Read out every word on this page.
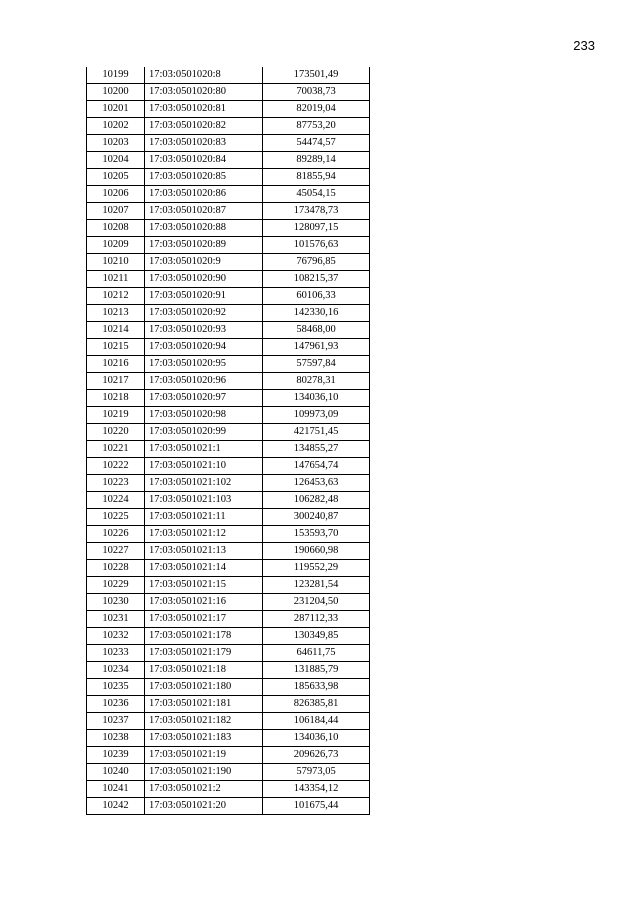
233
10199	17:03:0501020:8	173501,49
10200	17:03:0501020:80	70038,73
10201	17:03:0501020:81	82019,04
10202	17:03:0501020:82	87753,20
10203	17:03:0501020:83	54474,57
10204	17:03:0501020:84	89289,14
10205	17:03:0501020:85	81855,94
10206	17:03:0501020:86	45054,15
10207	17:03:0501020:87	173478,73
10208	17:03:0501020:88	128097,15
10209	17:03:0501020:89	101576,63
10210	17:03:0501020:9	76796,85
10211	17:03:0501020:90	108215,37
10212	17:03:0501020:91	60106,33
10213	17:03:0501020:92	142330,16
10214	17:03:0501020:93	58468,00
10215	17:03:0501020:94	147961,93
10216	17:03:0501020:95	57597,84
10217	17:03:0501020:96	80278,31
10218	17:03:0501020:97	134036,10
10219	17:03:0501020:98	109973,09
10220	17:03:0501020:99	421751,45
10221	17:03:0501021:1	134855,27
10222	17:03:0501021:10	147654,74
10223	17:03:0501021:102	126453,63
10224	17:03:0501021:103	106282,48
10225	17:03:0501021:11	300240,87
10226	17:03:0501021:12	153593,70
10227	17:03:0501021:13	190660,98
10228	17:03:0501021:14	119552,29
10229	17:03:0501021:15	123281,54
10230	17:03:0501021:16	231204,50
10231	17:03:0501021:17	287112,33
10232	17:03:0501021:178	130349,85
10233	17:03:0501021:179	64611,75
10234	17:03:0501021:18	131885,79
10235	17:03:0501021:180	185633,98
10236	17:03:0501021:181	826385,81
10237	17:03:0501021:182	106184,44
10238	17:03:0501021:183	134036,10
10239	17:03:0501021:19	209626,73
10240	17:03:0501021:190	57973,05
10241	17:03:0501021:2	143354,12
10242	17:03:0501021:20	101675,44
